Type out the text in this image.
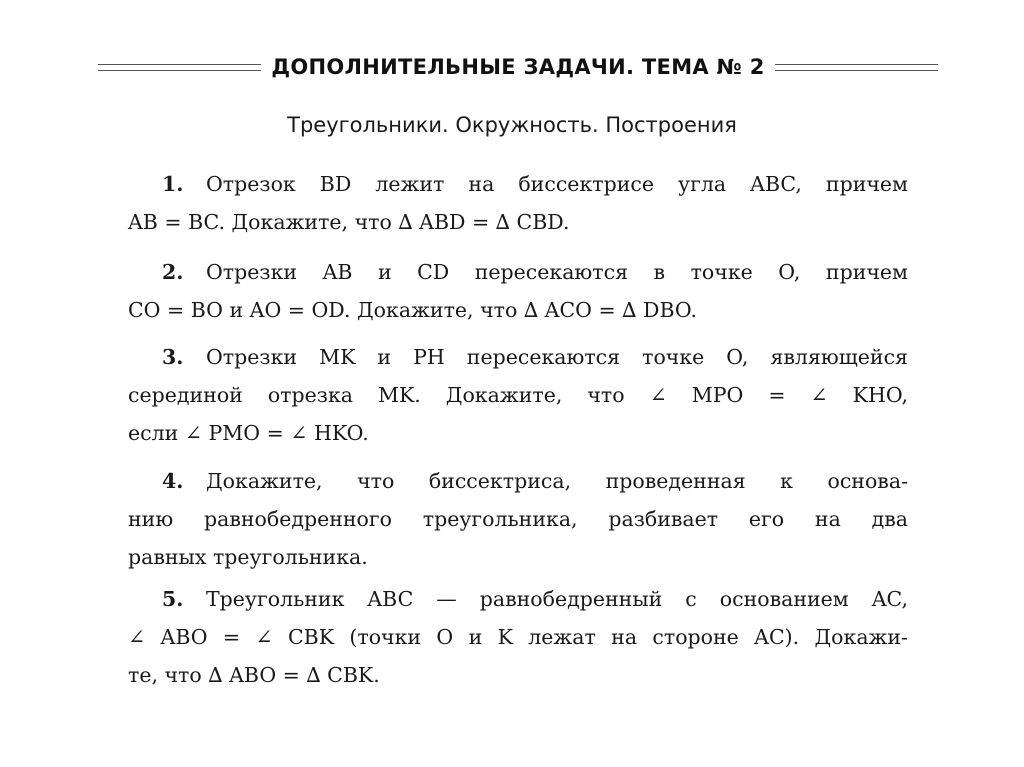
ДОПОЛНИТЕЛЬНЫЕ ЗАДАЧИ. ТЕМА № 2
Треугольники. Окружность. Построения
1. Отрезок BD лежит на биссектрисе угла ABC, причем
AB = BC. Докажите, что ∆ ABD = ∆ CBD.
2. Отрезки AB и CD пересекаются в точке O, причем
CO = BO и AO = OD. Докажите, что ∆ ACO = ∆ DBO.
3. Отрезки MK и PH пересекаются точке O, являющейся
серединой отрезка MK. Докажите, что ∠ MPO = ∠ KHO,
если ∠ PMO = ∠ HKO.
4. Докажите, что биссектриса, проведенная к основа-
нию равнобедренного треугольника, разбивает его на два
равных треугольника.
5. Треугольник ABC — равнобедренный с основанием AC,
∠ ABO = ∠ CBK (точки O и K лежат на стороне AC). Докажи-
те, что ∆ ABO = ∆ CBK.
